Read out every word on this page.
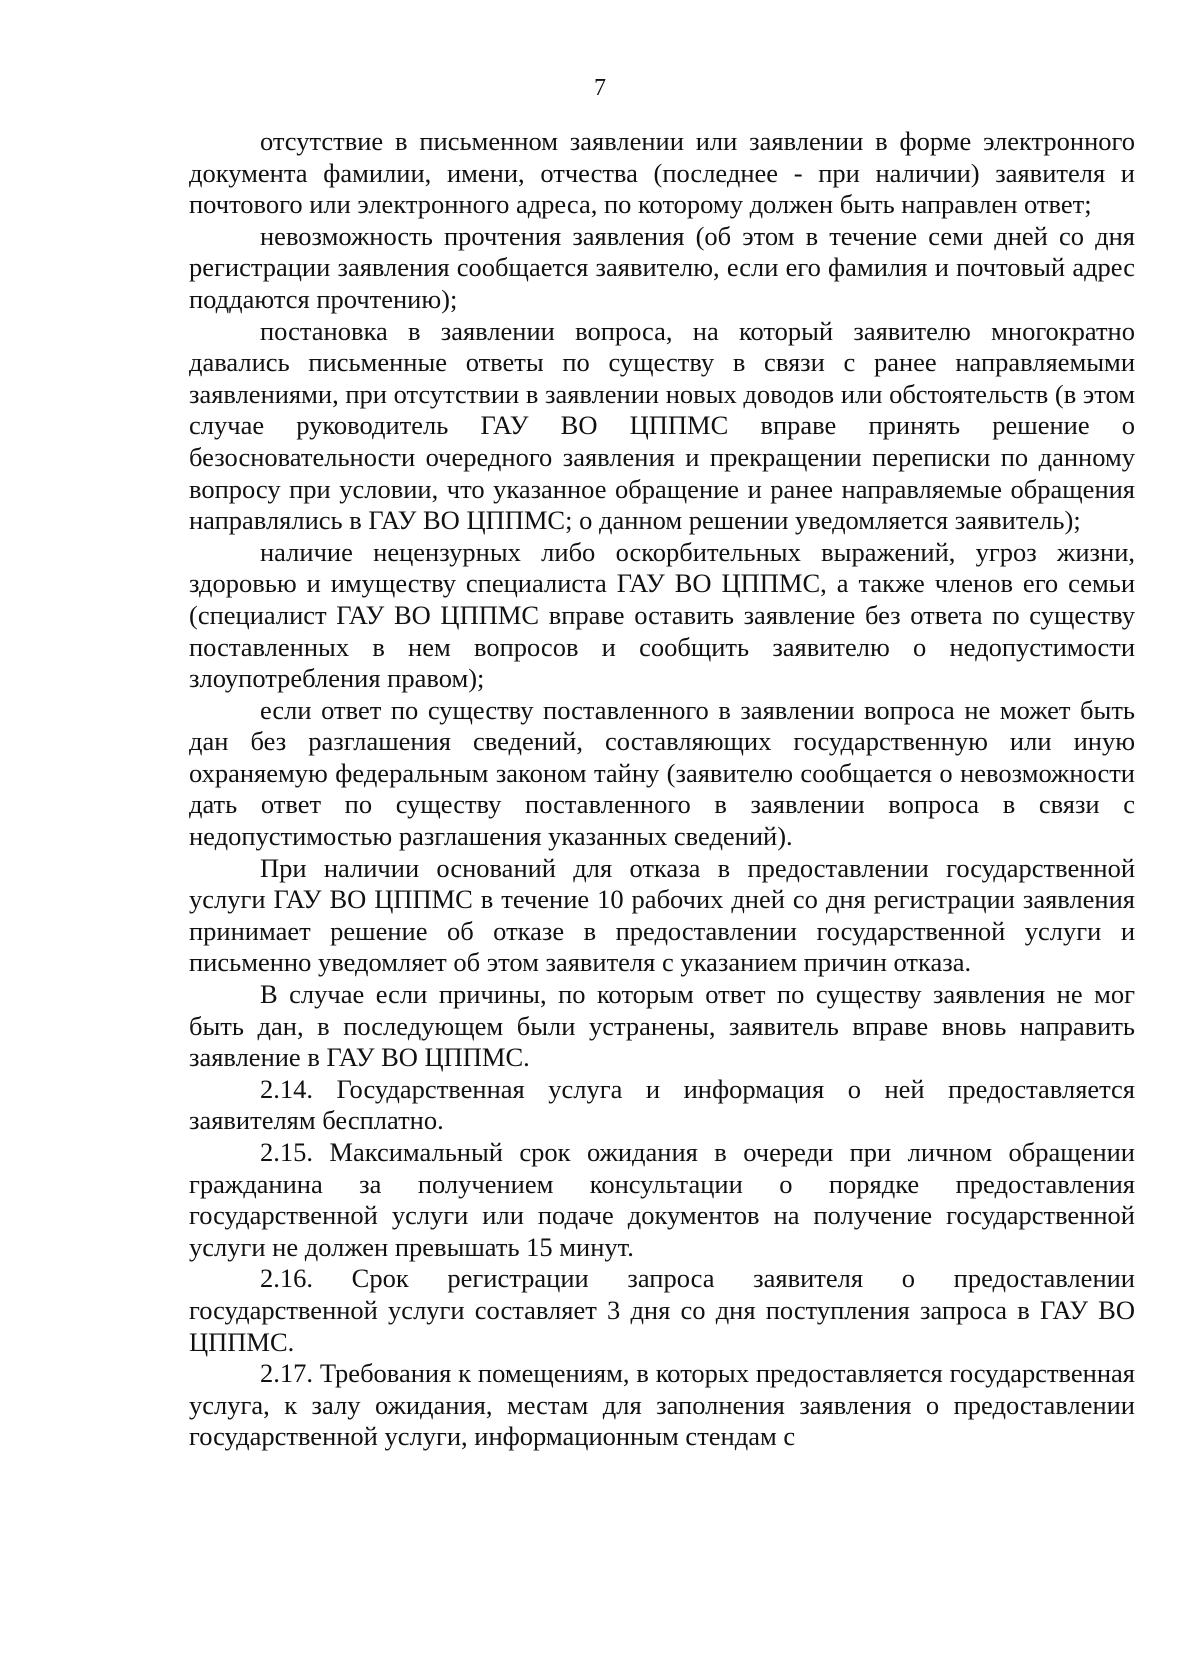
7

отсутствие в письменном заявлении или заявлении в форме электронного документа фамилии, имени, отчества (последнее - при наличии) заявителя и почтового или электронного адреса, по которому должен быть направлен ответ;

невозможность прочтения заявления (об этом в течение семи дней со дня регистрации заявления сообщается заявителю, если его фамилия и почтовый адрес поддаются прочтению);

постановка в заявлении вопроса, на который заявителю многократно давались письменные ответы по существу в связи с ранее направляемыми заявлениями, при отсутствии в заявлении новых доводов или обстоятельств (в этом случае руководитель ГАУ ВО ЦППМС вправе принять решение о безосновательности очередного заявления и прекращении переписки по данному вопросу при условии, что указанное обращение и ранее направляемые обращения направлялись в ГАУ ВО ЦППМС; о данном решении уведомляется заявитель);

наличие нецензурных либо оскорбительных выражений, угроз жизни, здоровью и имуществу специалиста ГАУ ВО ЦППМС, а также членов его семьи (специалист ГАУ ВО ЦППМС вправе оставить заявление без ответа по существу поставленных в нем вопросов и сообщить заявителю о недопустимости злоупотребления правом);

если ответ по существу поставленного в заявлении вопроса не может быть дан без разглашения сведений, составляющих государственную или иную охраняемую федеральным законом тайну (заявителю сообщается о невозможности дать ответ по существу поставленного в заявлении вопроса в связи с недопустимостью разглашения указанных сведений).

При наличии оснований для отказа в предоставлении государственной услуги ГАУ ВО ЦППМС в течение 10 рабочих дней со дня регистрации заявления принимает решение об отказе в предоставлении государственной услуги и письменно уведомляет об этом заявителя с указанием причин отказа.

В случае если причины, по которым ответ по существу заявления не мог быть дан, в последующем были устранены, заявитель вправе вновь направить заявление в ГАУ ВО ЦППМС.

2.14. Государственная услуга и информация о ней предоставляется заявителям бесплатно.

2.15. Максимальный срок ожидания в очереди при личном обращении гражданина за получением консультации о порядке предоставления государственной услуги или подаче документов на получение государственной услуги не должен превышать 15 минут.

2.16. Срок регистрации запроса заявителя о предоставлении государственной услуги составляет 3 дня со дня поступления запроса в ГАУ ВО ЦППМС.

2.17. Требования к помещениям, в которых предоставляется государственная услуга, к залу ожидания, местам для заполнения заявления о предоставлении государственной услуги, информационным стендам с
